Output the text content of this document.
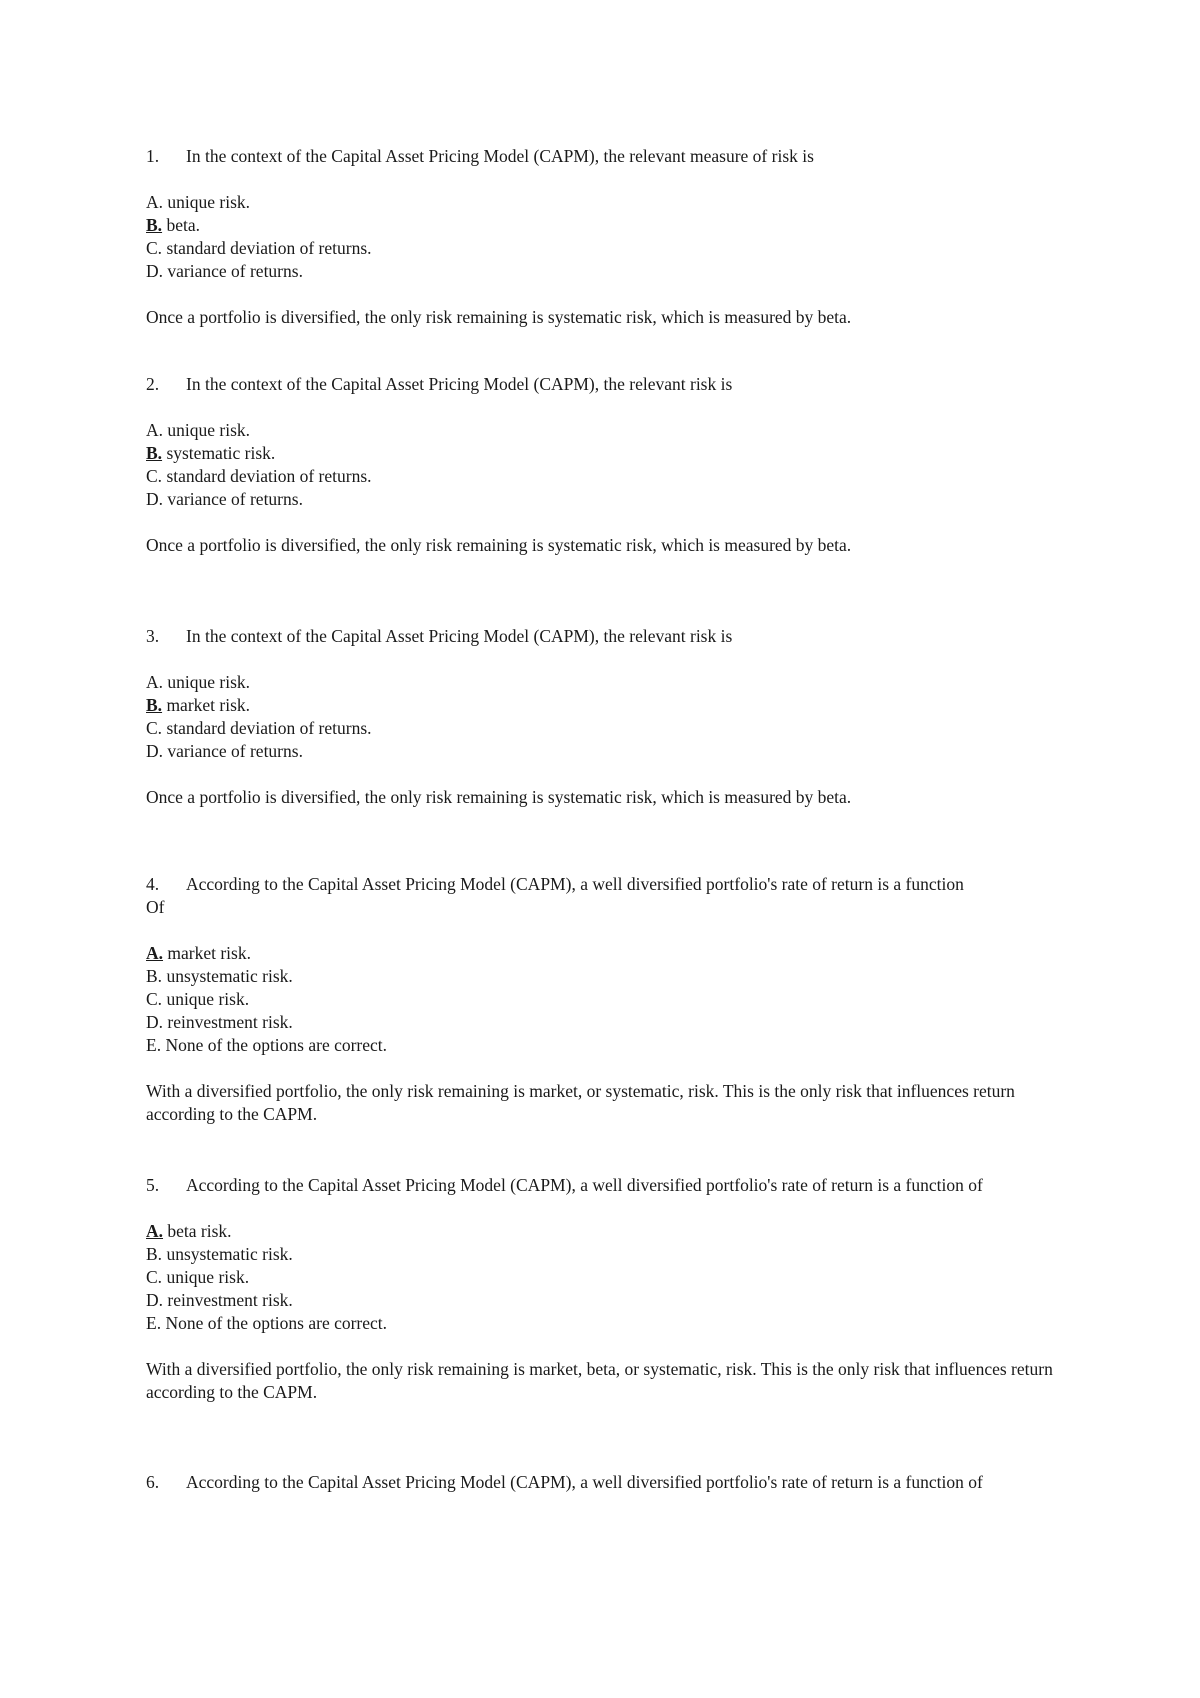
1.	In the context of the Capital Asset Pricing Model (CAPM), the relevant measure of risk is
A. unique risk.
B. beta.
C. standard deviation of returns.
D. variance of returns.
Once a portfolio is diversified, the only risk remaining is systematic risk, which is measured by beta.
2.	In the context of the Capital Asset Pricing Model (CAPM), the relevant risk is
A. unique risk.
B. systematic risk.
C. standard deviation of returns.
D. variance of returns.
Once a portfolio is diversified, the only risk remaining is systematic risk, which is measured by beta.
3.	In the context of the Capital Asset Pricing Model (CAPM), the relevant risk is
A. unique risk.
B. market risk.
C. standard deviation of returns.
D. variance of returns.
Once a portfolio is diversified, the only risk remaining is systematic risk, which is measured by beta.
4.	According to the Capital Asset Pricing Model (CAPM), a well diversified portfolio's rate of return is a function
Of
A. market risk.
B. unsystematic risk.
C. unique risk.
D. reinvestment risk.
E. None of the options are correct.
With a diversified portfolio, the only risk remaining is market, or systematic, risk. This is the only risk that influences return according to the CAPM.
5.	According to the Capital Asset Pricing Model (CAPM), a well diversified portfolio's rate of return is a function of
A. beta risk.
B. unsystematic risk.
C. unique risk.
D. reinvestment risk.
E. None of the options are correct.
With a diversified portfolio, the only risk remaining is market, beta, or systematic, risk. This is the only risk that influences return according to the CAPM.
6.	According to the Capital Asset Pricing Model (CAPM), a well diversified portfolio's rate of return is a function of
